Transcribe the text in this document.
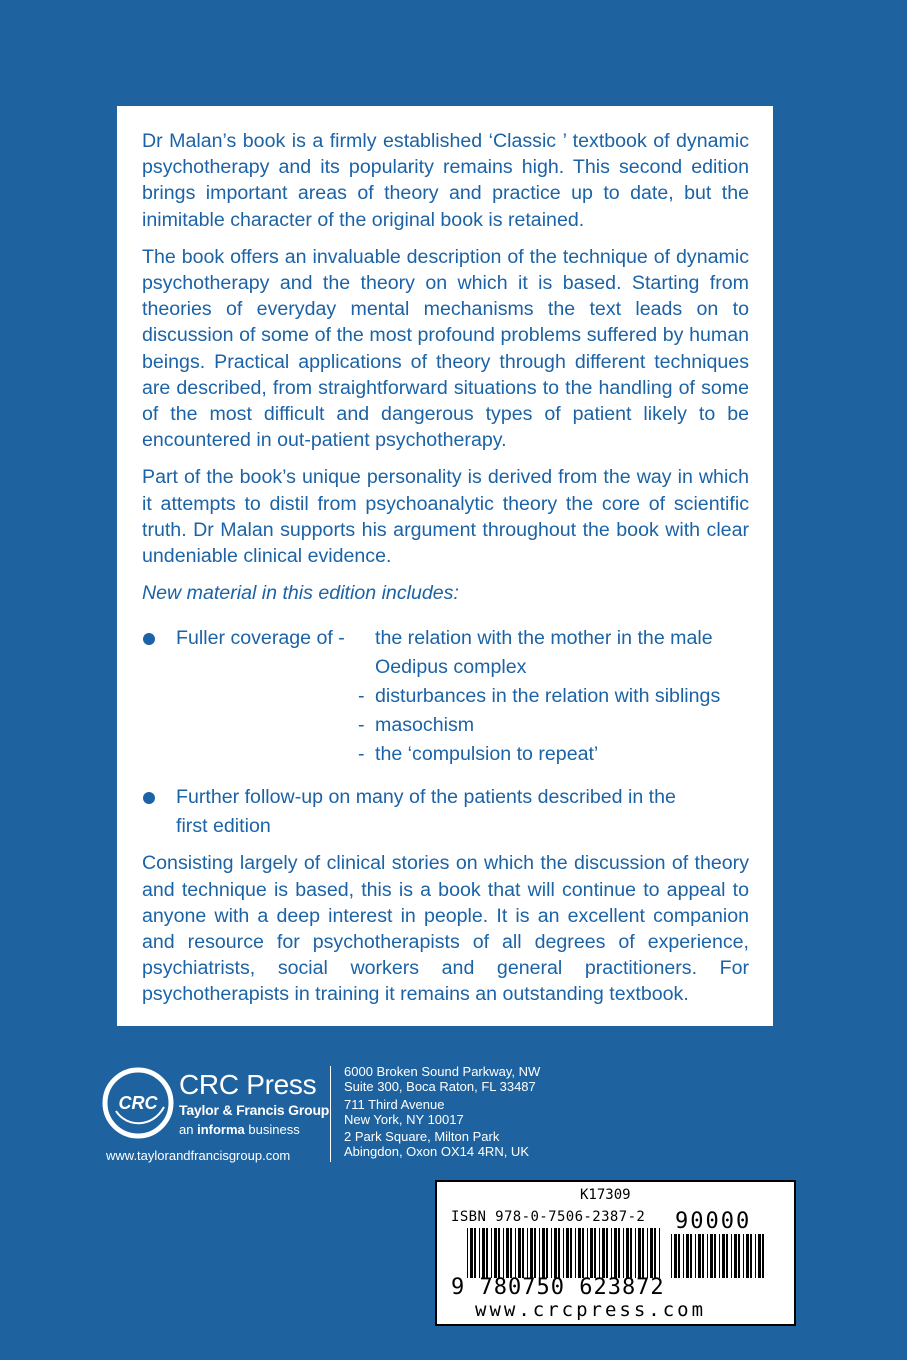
Dr Malan’s book is a firmly established ‘Classic ’ textbook of dynamic psychotherapy and its popularity remains high. This second edition brings important areas of theory and practice up to date, but the inimitable character of the original book is retained.

The book offers an invaluable description of the technique of dynamic psychotherapy and the theory on which it is based. Starting from theories of everyday mental mechanisms the text leads on to discussion of some of the most profound problems suffered by human beings. Practical applications of theory through different techniques are described, from straightforward situations to the handling of some of the most difficult and dangerous types of patient likely to be encountered in out-patient psychotherapy.

Part of the book’s unique personality is derived from the way in which it attempts to distil from psychoanalytic theory the core of scientific truth. Dr Malan supports his argument throughout the book with clear undeniable clinical evidence.

New material in this edition includes:

Fuller coverage of -	the relation with the mother in the male Oedipus complex
- disturbances in the relation with siblings
- masochism
- the ‘compulsion to repeat’
Further follow-up on many of the patients described in the first edition

Consisting largely of clinical stories on which the discussion of theory and technique is based, this is a book that will continue to appeal to anyone with a deep interest in people. It is an excellent companion and resource for psychotherapists of all degrees of experience, psychiatrists, social workers and general practitioners. For psychotherapists in training it remains an outstanding textbook.

CRC
CRC Press
Taylor & Francis Group
an informa business
www.taylorandfrancisgroup.com
6000 Broken Sound Parkway, NW
Suite 300, Boca Raton, FL 33487
711 Third Avenue
New York, NY 10017
2 Park Square, Milton Park
Abingdon, Oxon OX14 4RN, UK
K17309
ISBN 978-0-7506-2387-2 90000
9 780750 623872
www.crcpress.com
